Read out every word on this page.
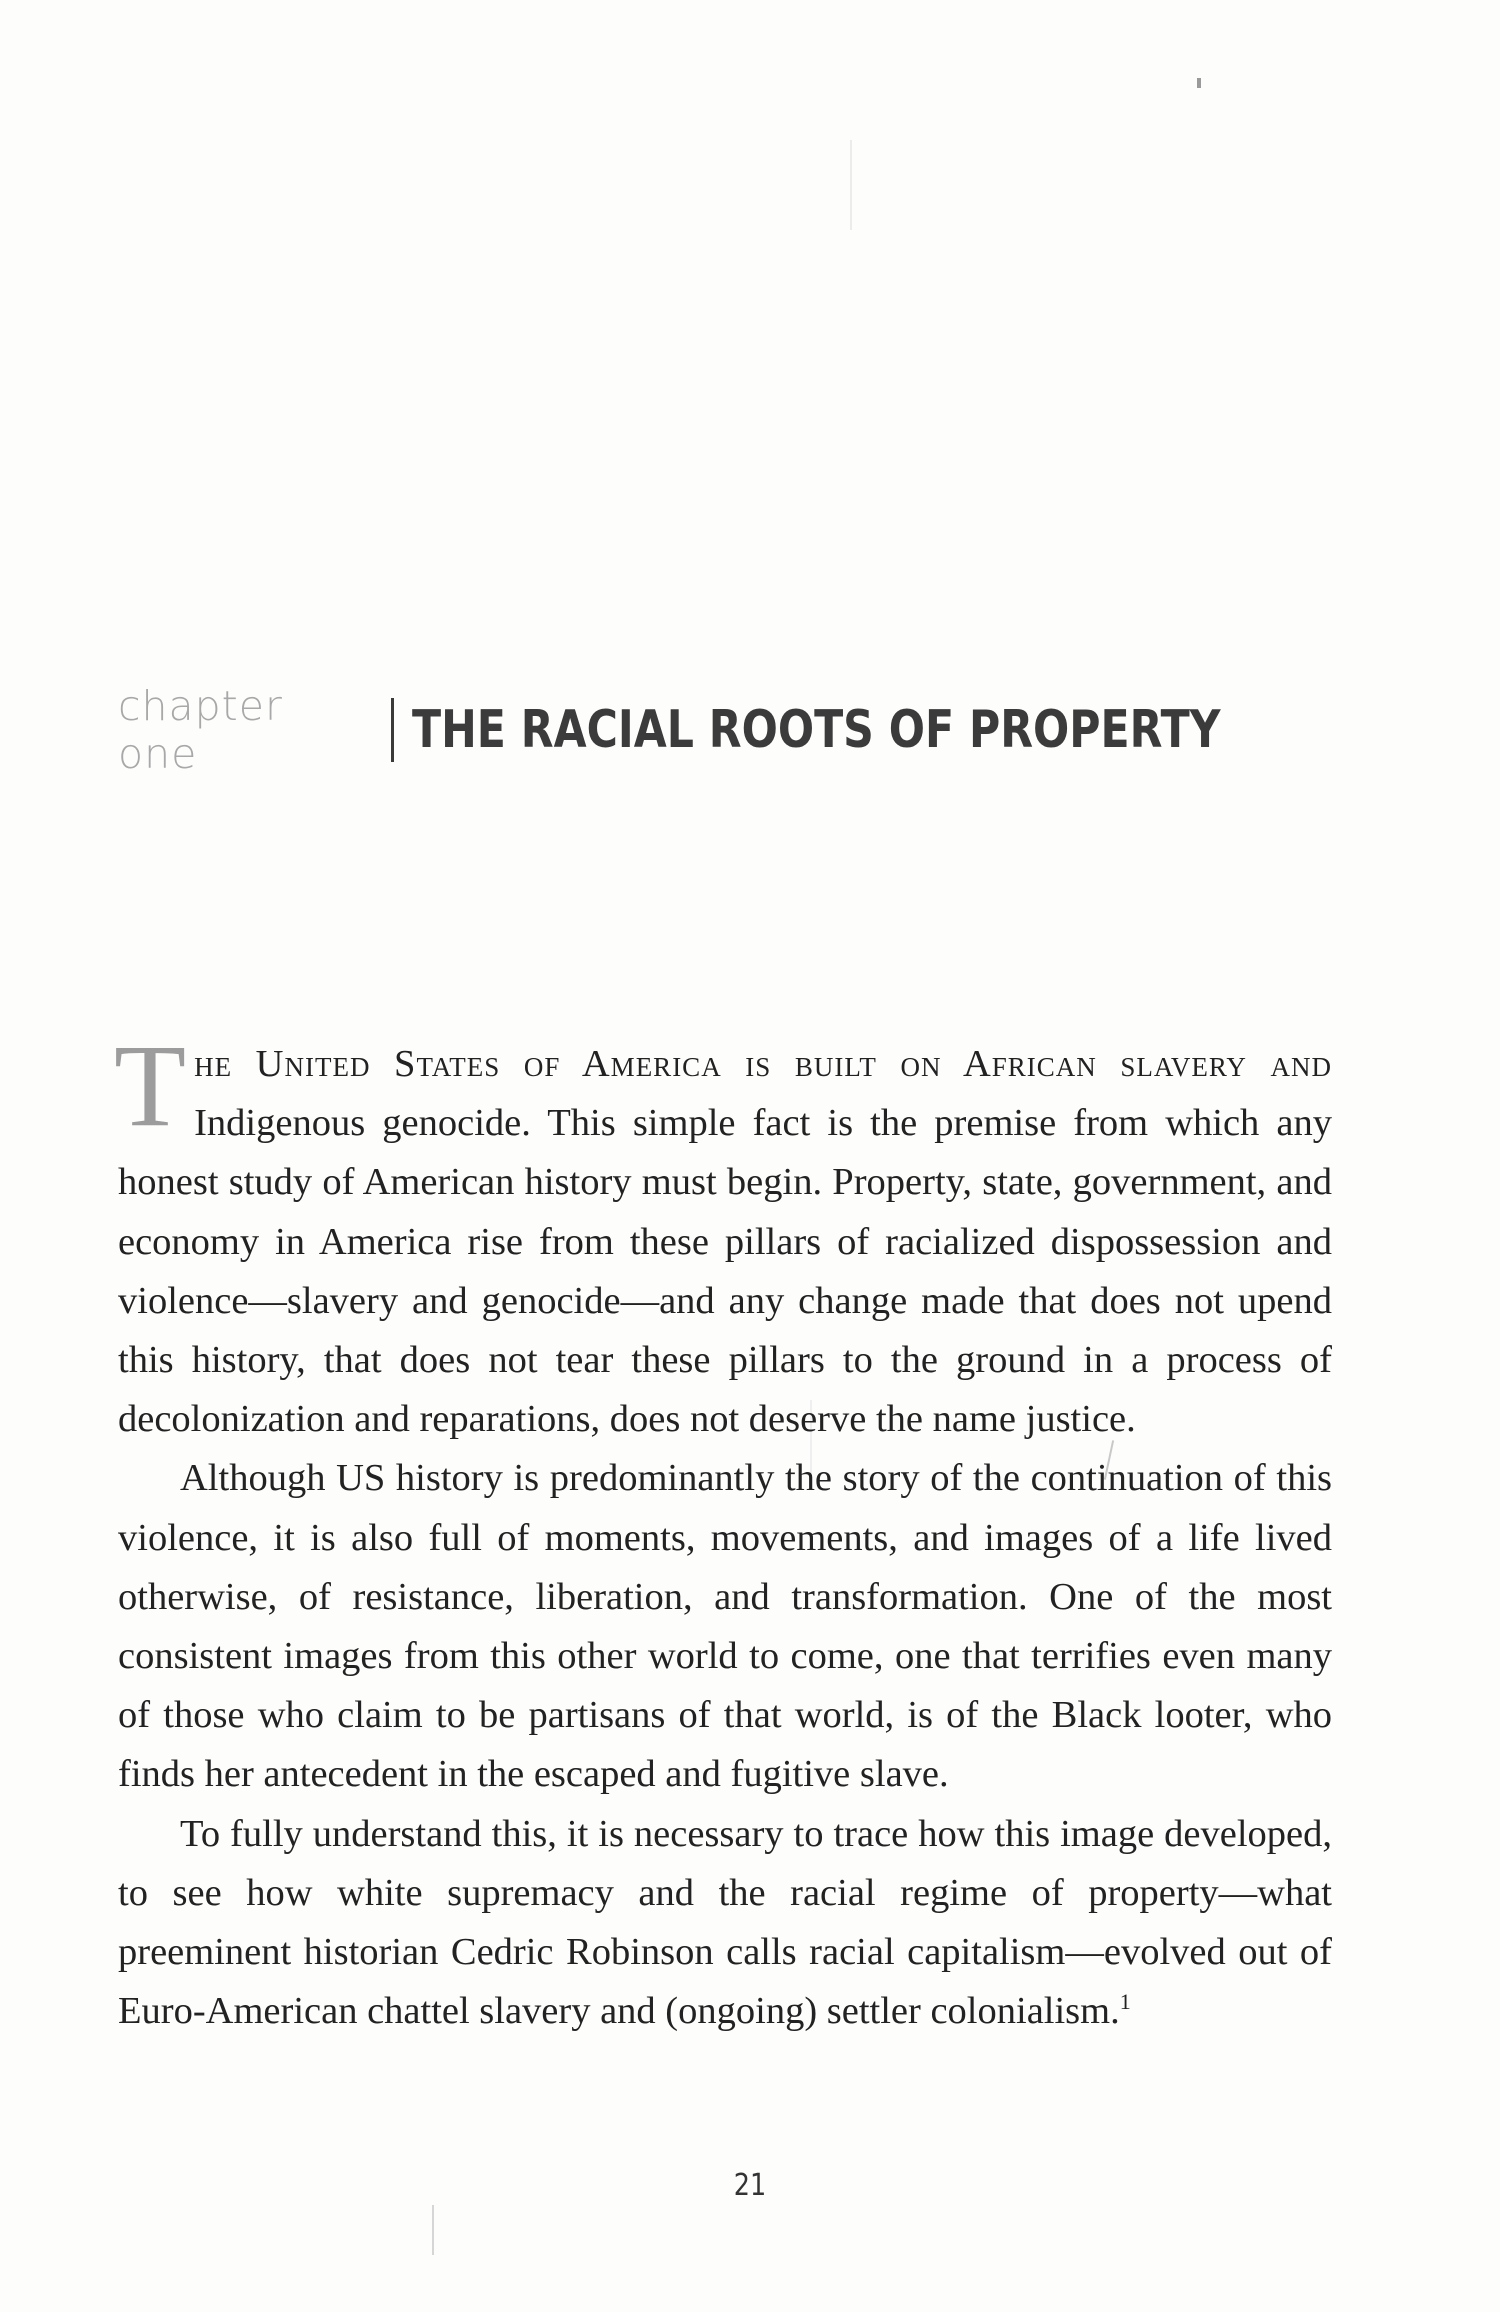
chapter one	THE RACIAL ROOTS OF PROPERTY

The United States of America is built on African slavery and Indigenous genocide. This simple fact is the premise from which any honest study of American history must begin. Property, state, government, and economy in America rise from these pillars of racialized dispossession and violence—slavery and genocide—and any change made that does not upend this history, that does not tear these pillars to the ground in a process of decolonization and reparations, does not deserve the name justice.

Although US history is predominantly the story of the continuation of this violence, it is also full of moments, movements, and images of a life lived otherwise, of resistance, liberation, and transformation. One of the most consistent images from this other world to come, one that terrifies even many of those who claim to be partisans of that world, is of the Black looter, who finds her antecedent in the escaped and fugitive slave.

To fully understand this, it is necessary to trace how this image developed, to see how white supremacy and the racial regime of property—what preeminent historian Cedric Robinson calls racial capitalism—evolved out of Euro-American chattel slavery and (ongoing) settler colonialism.$^1$

21
